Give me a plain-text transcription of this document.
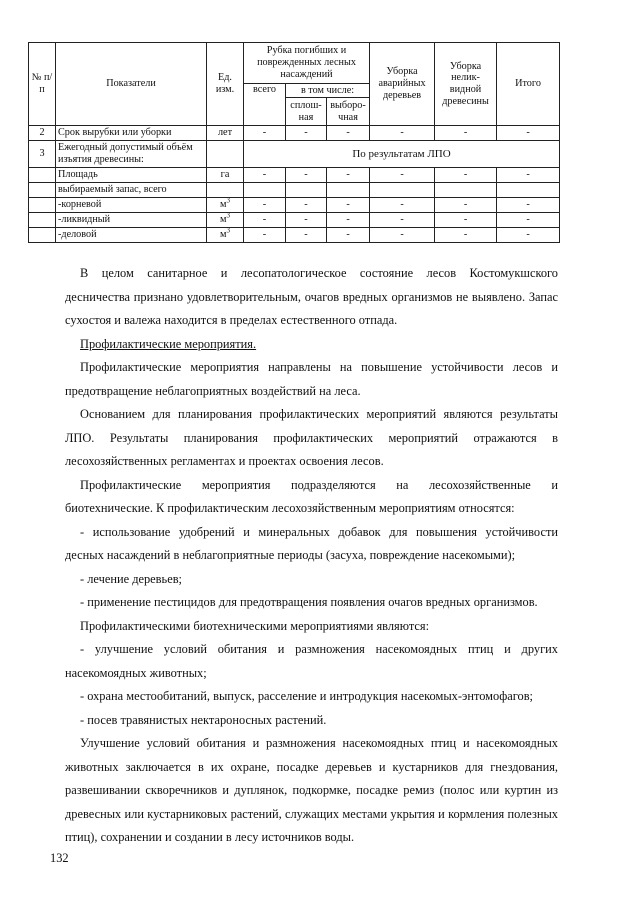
№ п/п	Показатели	Ед. изм.	Рубка погибших и поврежденных лесных насаждений			Уборка аварийных деревьев	Уборка нелик-видной древесины	Итого
			всего	в том числе:				
				сплош-ная	выборо-чная			
2	Срок вырубки или уборки	лет	-	-	-	-	-	-
3	Ежегодный допустимый объём изъятия древесины:		По результатам ЛПО					
	Площадь	га	-	-	-	-	-	-
	выбираемый запас, всего							
	-корневой	$м^3$	-	-	-	-	-	-
	-ликвидный	$м^3$	-	-	-	-	-	-
	-деловой	$м^3$	-	-	-	-	-	-
В целом санитарное и лесопатологическое состояние лесов Костомукшского
десничества признано удовлетворительным, очагов вредных организмов не выявлено. Запас
сухостоя и валежа находится в пределах естественного отпада.
Профилактические мероприятия.
Профилактические мероприятия направлены на повышение устойчивости лесов и
предотвращение неблагоприятных воздействий на леса.
Основанием для планирования профилактических мероприятий являются результаты
ЛПО. Результаты планирования профилактических мероприятий отражаются в
лесохозяйственных регламентах и проектах освоения лесов.
Профилактические мероприятия подразделяются на лесохозяйственные и
биотехнические. К профилактическим лесохозяйственным мероприятиям относятся:
- использование удобрений и минеральных добавок для повышения устойчивости
десных насаждений в неблагоприятные периоды (засуха, повреждение насекомыми);
- лечение деревьев;
- применение пестицидов для предотвращения появления очагов вредных организмов.
Профилактическими биотехническими мероприятиями являются:
- улучшение условий обитания и размножения насекомоядных птиц и других
насекомоядных животных;
- охрана местообитаний, выпуск, расселение и интродукция насекомых-энтомофагов;
- посев травянистых нектароносных растений.
Улучшение условий обитания и размножения насекомоядных птиц и насекомоядных
животных заключается в их охране, посадке деревьев и кустарников для гнездования,
развешивании скворечников и дуплянок, подкормке, посадке ремиз (полос или куртин из
древесных или кустарниковых растений, служащих местами укрытия и кормления полезных
птиц), сохранении и создании в лесу источников воды.
132
